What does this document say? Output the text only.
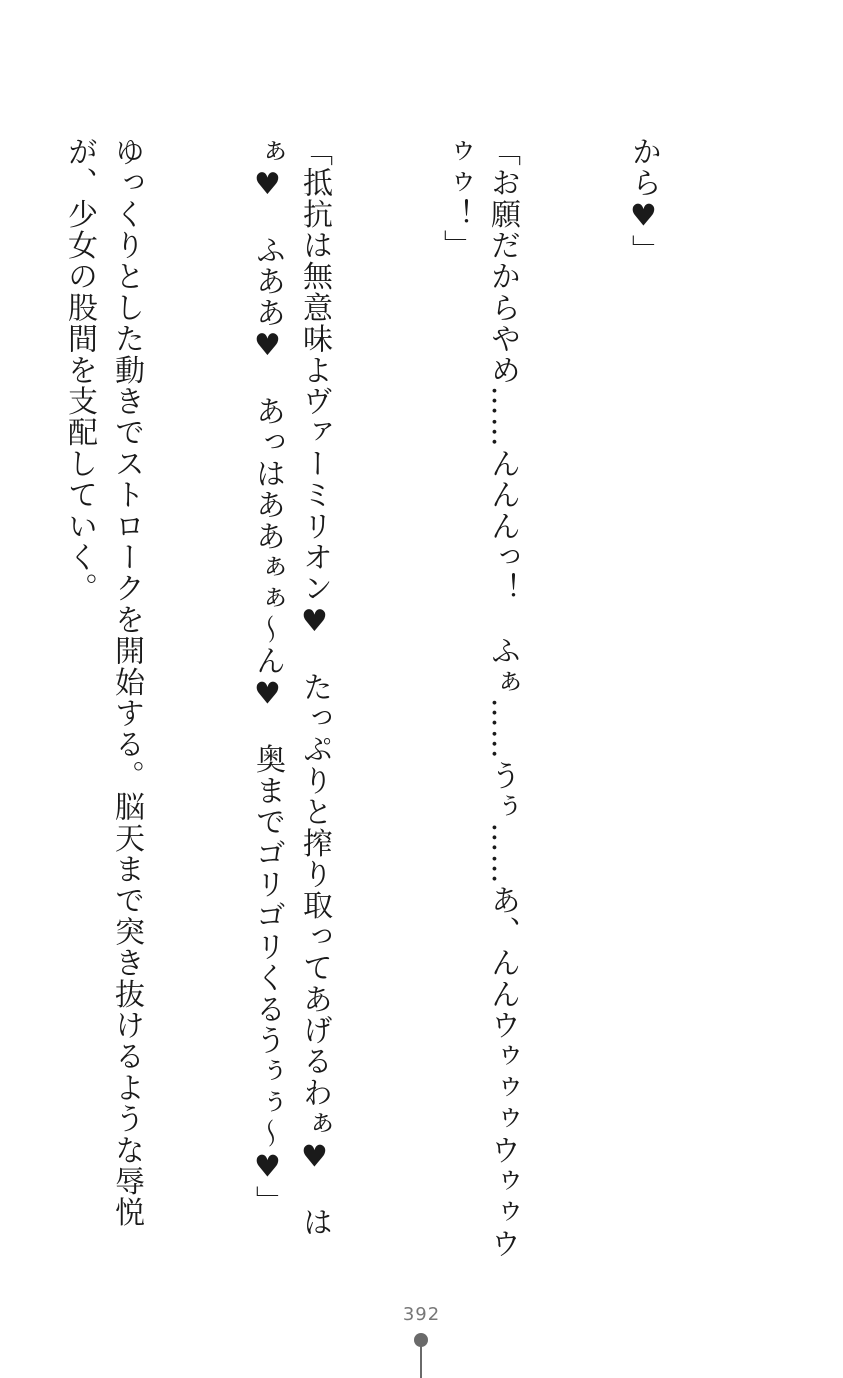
から♥」

「お願だからやめ……んんんっ！　ふぁ……うぅ……あ、んんウゥゥゥウゥゥウゥゥ！」

「抵抗は無意味よヴァーミリオン♥　たっぷりと搾り取ってあげるわぁ♥　はぁ♥　ふああ♥　あっはああぁぁ～ん♥　奥までゴリゴリくるうぅぅ～♥」

ゆっくりとした動きでストロークを開始する。脳天まで突き抜けるような辱悦が、少女の股間を支配していく。

392
